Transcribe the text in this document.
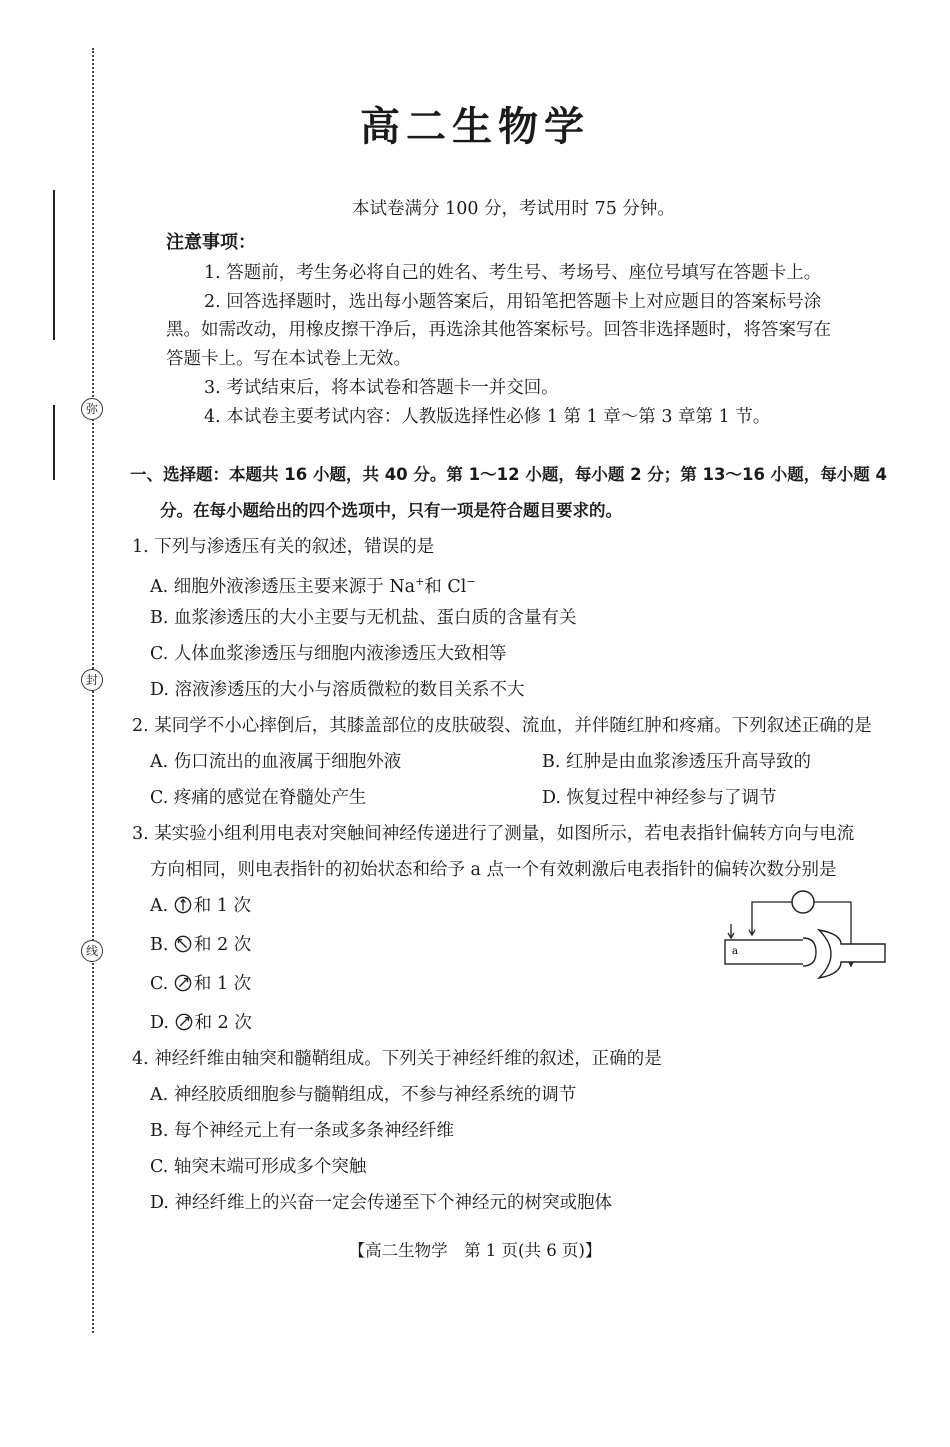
弥
封
线
高二生物学
本试卷满分 100 分，考试用时 75 分钟。
注意事项：
1. 答题前，考生务必将自己的姓名、考生号、考场号、座位号填写在答题卡上。
2. 回答选择题时，选出每小题答案后，用铅笔把答题卡上对应题目的答案标号涂
黑。如需改动，用橡皮擦干净后，再选涂其他答案标号。回答非选择题时，将答案写在
答题卡上。写在本试卷上无效。
3. 考试结束后，将本试卷和答题卡一并交回。
4. 本试卷主要考试内容：人教版选择性必修 1 第 1 章～第 3 章第 1 节。
一、选择题：本题共 16 小题，共 40 分。第 1～12 小题，每小题 2 分；第 13～16 小题，每小题 4
分。在每小题给出的四个选项中，只有一项是符合题目要求的。
1. 下列与渗透压有关的叙述，错误的是
A. 细胞外液渗透压主要来源于 Na+和 Cl−
B. 血浆渗透压的大小主要与无机盐、蛋白质的含量有关
C. 人体血浆渗透压与细胞内液渗透压大致相等
D. 溶液渗透压的大小与溶质微粒的数目关系不大
2. 某同学不小心摔倒后，其膝盖部位的皮肤破裂、流血，并伴随红肿和疼痛。下列叙述正确的是
A. 伤口流出的血液属于细胞外液	B. 红肿是由血浆渗透压升高导致的
C. 疼痛的感觉在脊髓处产生	D. 恢复过程中神经参与了调节
3. 某实验小组利用电表对突触间神经传递进行了测量，如图所示，若电表指针偏转方向与电流
方向相同，则电表指针的初始状态和给予 a 点一个有效刺激后电表指针的偏转次数分别是
A. 和 1 次
B. 和 2 次
C. 和 1 次
D. 和 2 次
a
4. 神经纤维由轴突和髓鞘组成。下列关于神经纤维的叙述，正确的是
A. 神经胶质细胞参与髓鞘组成，不参与神经系统的调节
B. 每个神经元上有一条或多条神经纤维
C. 轴突末端可形成多个突触
D. 神经纤维上的兴奋一定会传递至下个神经元的树突或胞体
【高二生物学　第 1 页(共 6 页)】
